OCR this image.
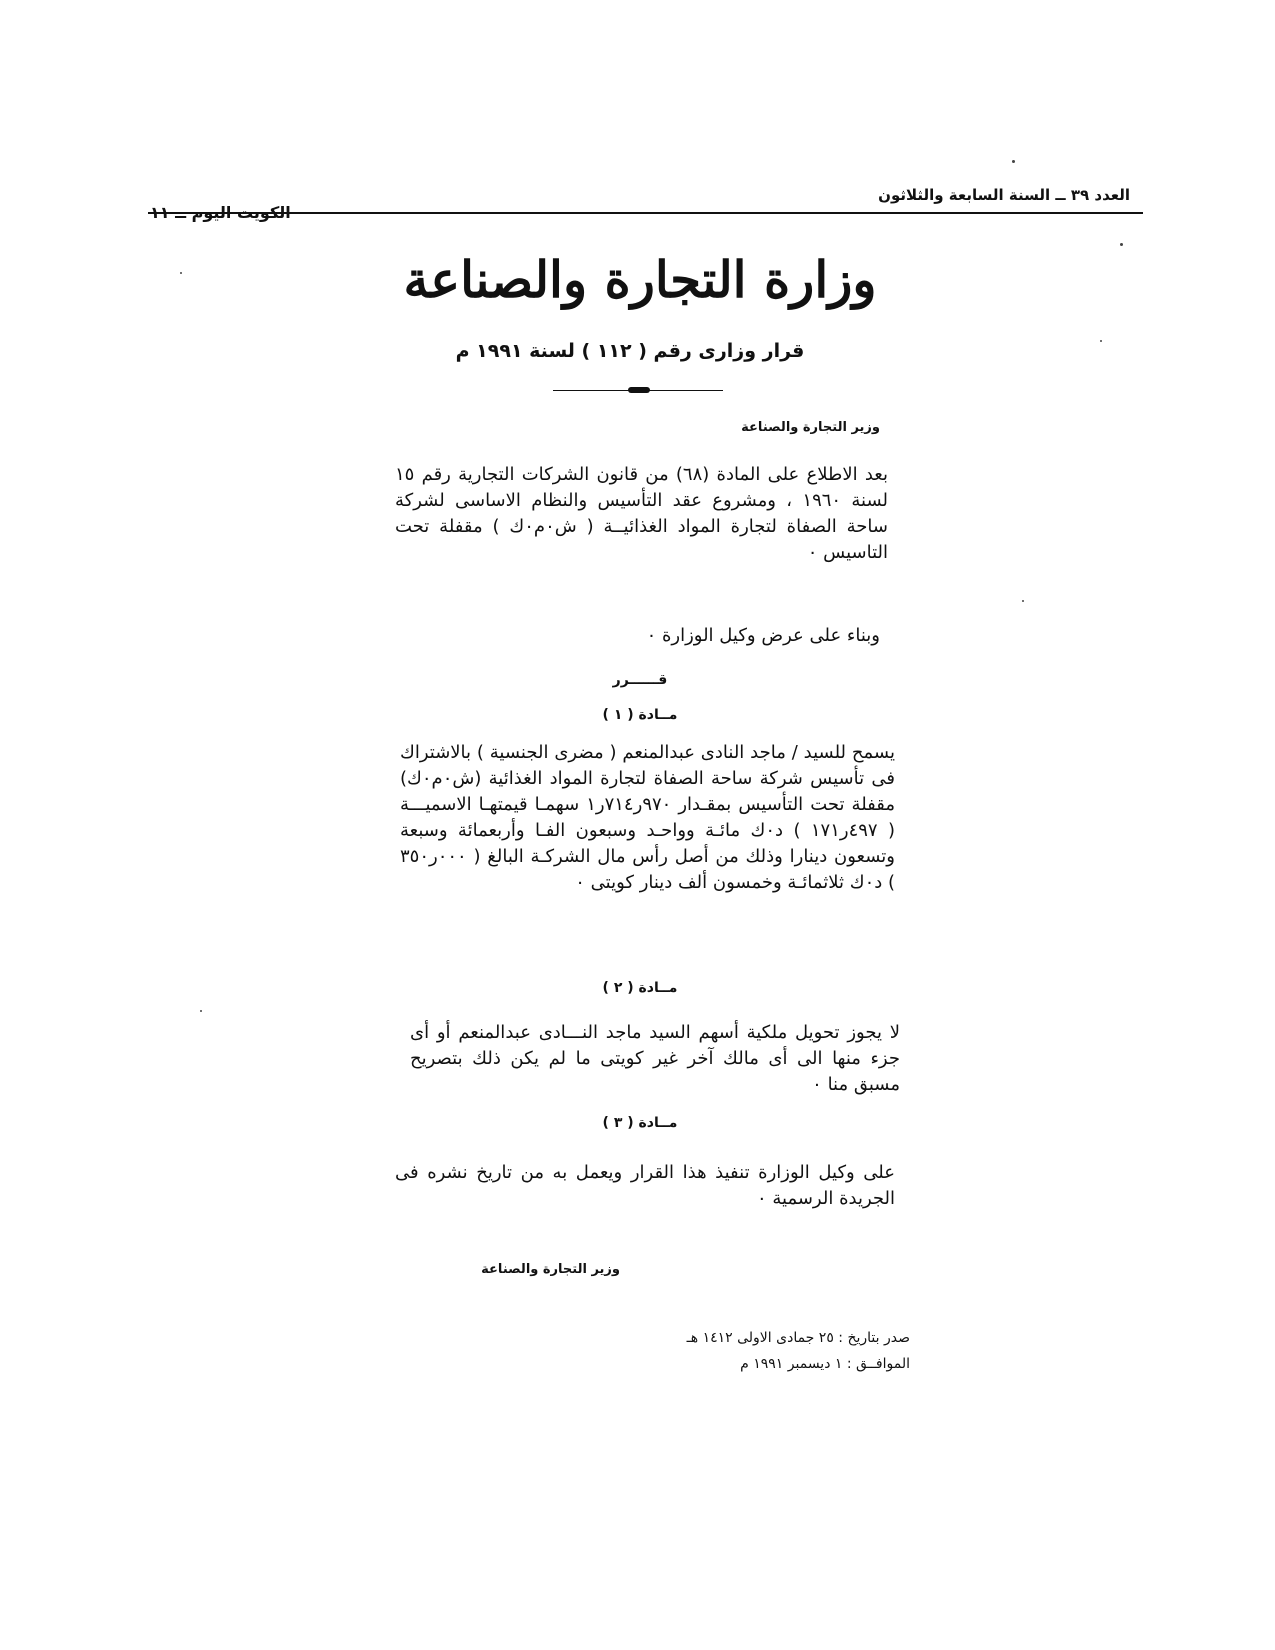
العدد ٣٩ ــ السنة السابعة والثلاثون
الكويت اليوم ــ ١١
وزارة التجارة والصناعة
قرار وزارى رقم ( ١١٢ ) لسنة ١٩٩١ م
وزير التجارة والصناعة
بعد الاطلاع على المادة (٦٨) من قانون الشركات التجارية رقم ١٥ لسنة ١٩٦٠ ، ومشروع عقد التأسيس والنظام الاساسى لشركة ساحة الصفاة لتجارة المواد الغذائيــة ( ش٠م٠ك ) مقفلة تحت التاسيس ٠
وبناء على عرض وكيل الوزارة ٠
قــــــرر
مــادة ( ١ )
يسمح للسيد / ماجد النادى عبدالمنعم ( مضرى الجنسية ) بالاشتراك فى تأسيس شركة ساحة الصفاة لتجارة المواد الغذائية (ش٠م٠ك) مقفلة تحت التأسيس بمقـدار ٩٧٠ر٧١٤ر١ سهمـا قيمتهـا الاسميـــة ( ٤٩٧ر١٧١ ) د٠ك مائـة وواحـد وسبعون الفـا وأربعمائة وسبعة وتسعون دينارا وذلك من أصل رأس مال الشركـة البالغ ( ٠٠٠ر٣٥٠ ) د٠ك ثلاثمائـة وخمسون ألف دينار كويتى ٠
مــادة ( ٢ )
لا يجوز تحويل ملكية أسهم السيد ماجد النـــادى عبدالمنعم أو أى جزء منها الى أى مالك آخر غير كويتى ما لم يكن ذلك بتصريح مسبق منا ٠
مــادة ( ٣ )
على وكيل الوزارة تنفيذ هذا القرار ويعمل به من تاريخ نشره فى الجريدة الرسمية ٠
وزير التجارة والصناعة
صدر بتاريخ : ٢٥ جمادى الاولى ١٤١٢ هـ
الموافــق : ١ ديسمبر ١٩٩١ م
